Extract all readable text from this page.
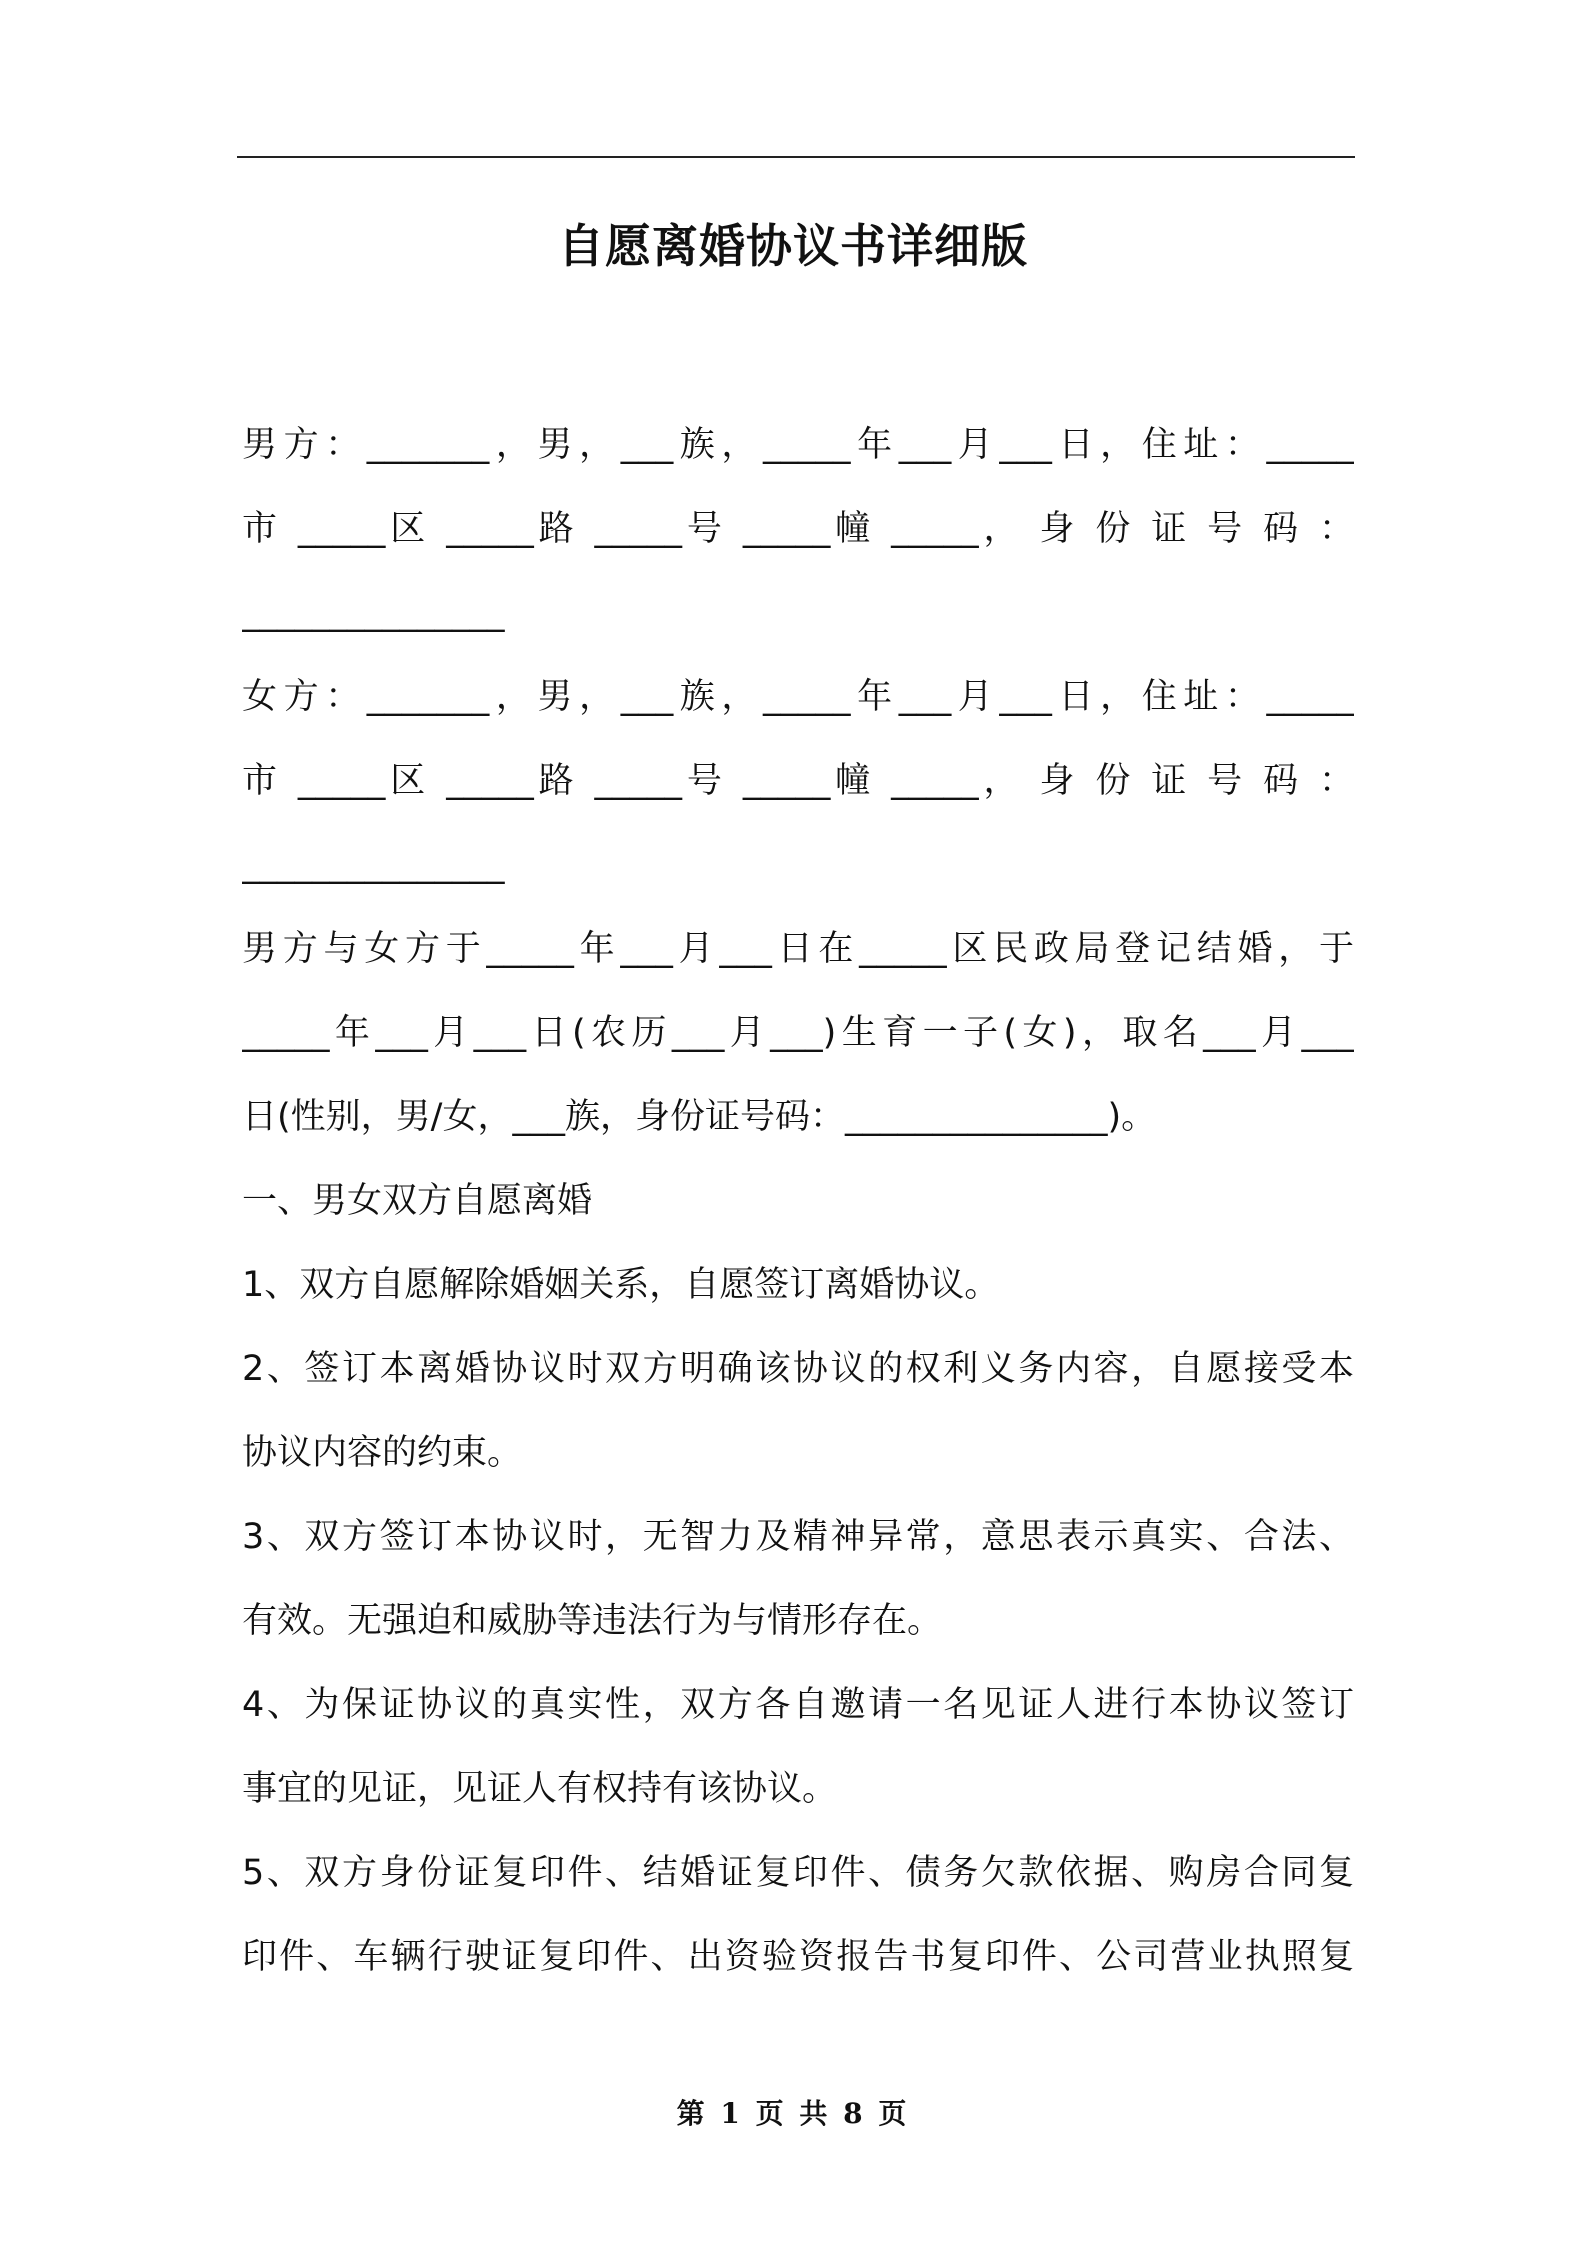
自愿离婚协议书详细版
男方：_______，男，___族，_____年___月___日，住址：_____
市 _____区 _____路 _____号 _____幢 _____， 身 份 证 号 码 ：
_______________
女方：_______，男，___族，_____年___月___日，住址：_____
市 _____区 _____路 _____号 _____幢 _____， 身 份 证 号 码 ：
_______________
男方与女方于_____年___月___日在_____区民政局登记结婚，于
_____年___月___日(农历___月___)生育一子(女)，取名___月___
日(性别，男/女，___族，身份证号码：_______________)。
一、男女双方自愿离婚
1、双方自愿解除婚姻关系，自愿签订离婚协议。
2、签订本离婚协议时双方明确该协议的权利义务内容，自愿接受本
协议内容的约束。
3、双方签订本协议时，无智力及精神异常，意思表示真实、合法、
有效。无强迫和威胁等违法行为与情形存在。
4、为保证协议的真实性，双方各自邀请一名见证人进行本协议签订
事宜的见证，见证人有权持有该协议。
5、双方身份证复印件、结婚证复印件、债务欠款依据、购房合同复
印件、车辆行驶证复印件、出资验资报告书复印件、公司营业执照复
第 1 页 共 8 页
